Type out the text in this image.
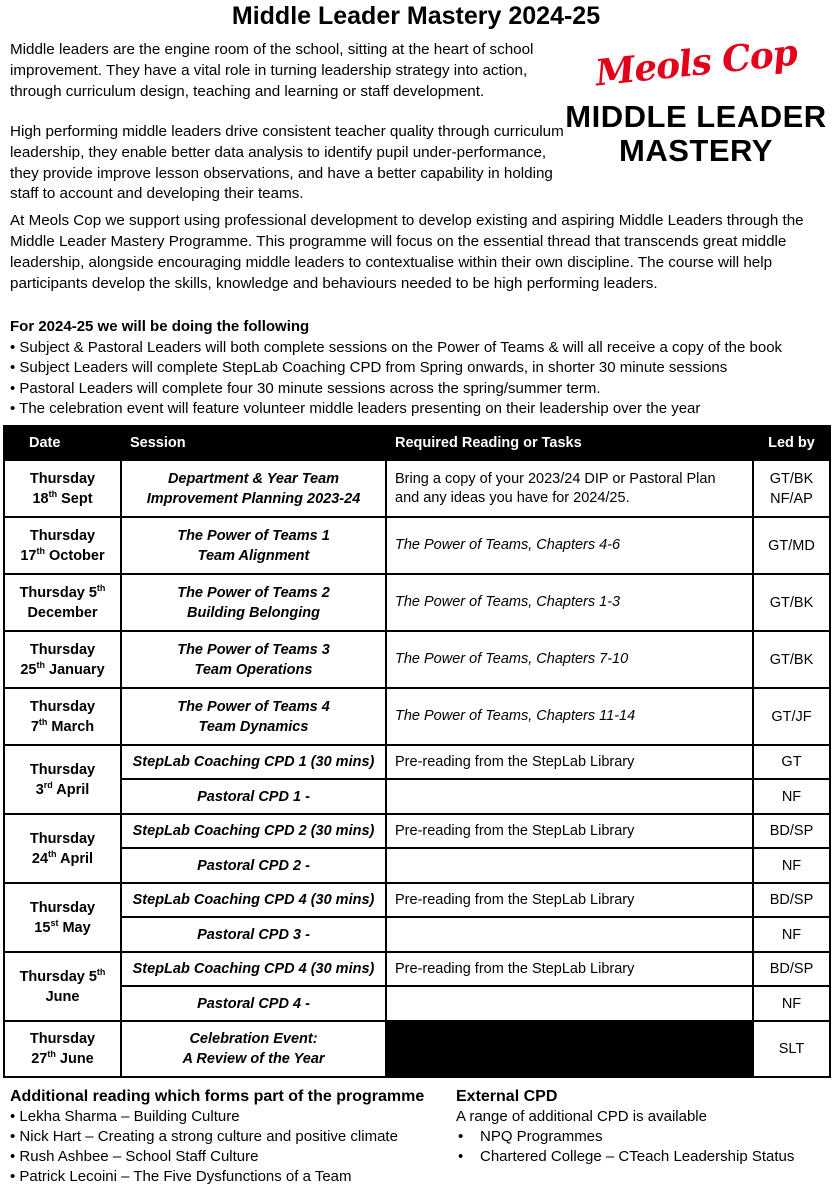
Middle Leader Mastery 2024-25

Middle leaders are the engine room of the school, sitting at the heart of school improvement. They have a vital role in turning leadership strategy into action, through curriculum design, teaching and learning or staff development.

High performing middle leaders drive consistent teacher quality through curriculum leadership, they enable better data analysis to identify pupil under-performance, they provide improve lesson observations, and have a better capability in holding staff to account and developing their teams.

Meols Cop
MIDDLE LEADER
MASTERY

At Meols Cop we support using professional development to develop existing and aspiring Middle Leaders through the Middle Leader Mastery Programme. This programme will focus on the essential thread that transcends great middle leadership, alongside encouraging middle leaders to contextualise within their own discipline. The course will help participants develop the skills, knowledge and behaviours needed to be high performing leaders.

For 2024-25 we will be doing the following
• Subject & Pastoral Leaders will both complete sessions on the Power of Teams & will all receive a copy of the book
• Subject Leaders will complete StepLab Coaching CPD from Spring onwards, in shorter 30 minute sessions
• Pastoral Leaders will complete four 30 minute sessions across the spring/summer term.
• The celebration event will feature volunteer middle leaders presenting on their leadership over the year
Date	Session	Required Reading or Tasks	Led by
Thursday
18th Sept	Department & Year Team
Improvement Planning 2023-24	Bring a copy of your 2023/24 DIP or Pastoral Plan
and any ideas you have for 2024/25.	GT/BK
NF/AP
Thursday
17th October	The Power of Teams 1
Team Alignment	The Power of Teams, Chapters 4-6	GT/MD
Thursday 5th
December	The Power of Teams 2
Building Belonging	The Power of Teams, Chapters 1-3	GT/BK
Thursday
25th January	The Power of Teams 3
Team Operations	The Power of Teams, Chapters 7-10	GT/BK
Thursday
7th March	The Power of Teams 4
Team Dynamics	The Power of Teams, Chapters 11-14	GT/JF
Thursday
3rd April	StepLab Coaching CPD 1 (30 mins)	Pre-reading from the StepLab Library	GT
	Pastoral CPD 1 -		NF
Thursday
24th April	StepLab Coaching CPD 2 (30 mins)	Pre-reading from the StepLab Library	BD/SP
	Pastoral CPD 2 -		NF
Thursday
15st May	StepLab Coaching CPD 4 (30 mins)	Pre-reading from the StepLab Library	BD/SP
	Pastoral CPD 3 -		NF
Thursday 5th
June	StepLab Coaching CPD 4 (30 mins)	Pre-reading from the StepLab Library	BD/SP
	Pastoral CPD 4 -		NF
Thursday
27th June	Celebration Event:
A Review of the Year		SLT
Additional reading which forms part of the programme
• Lekha Sharma – Building Culture
• Nick Hart – Creating a strong culture and positive climate
• Rush Ashbee – School Staff Culture
• Patrick Lecoini – The Five Dysfunctions of a Team
External CPD
A range of additional CPD is available
• NPQ Programmes
• Chartered College – CTeach Leadership Status
